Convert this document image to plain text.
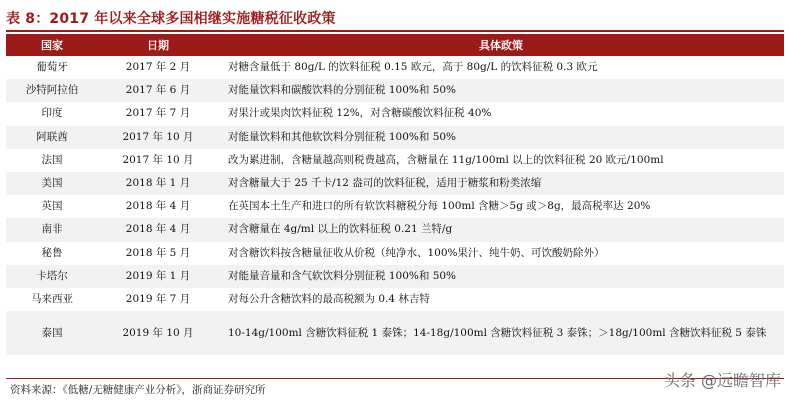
表 8：2017 年以来全球多国相继实施糖税征收政策
国家	日期	具体政策
葡萄牙	2017 年 2 月	对糖含量低于 80g/L 的饮料征税 0.15 欧元，高于 80g/L 的饮料征税 0.3 欧元
沙特阿拉伯	2017 年 6 月	对能量饮料和碳酸饮料的分别征税 100%和 50%
印度	2017 年 7 月	对果汁或果肉饮料征税 12%，对含糖碳酸饮料征税 40%
阿联酋	2017 年 10 月	对能量饮料和其他软饮料分别征税 100%和 50%
法国	2017 年 10 月	改为累进制，含糖量越高则税费越高，含糖量在 11g/100ml 以上的饮料征税 20 欧元/100ml
美国	2018 年 1 月	对含糖量大于 25 千卡/12 盎司的饮料征税，适用于糖浆和粉类浓缩
英国	2018 年 4 月	在英国本土生产和进口的所有软饮料糖税分每 100ml 含糖＞5g 或＞8g，最高税率达 20%
南非	2018 年 4 月	对含糖量在 4g/ml 以上的饮料征税 0.21 兰特/g
秘鲁	2018 年 5 月	对含糖饮料按含糖量征收从价税（纯净水、100%果汁、纯牛奶、可饮酸奶除外）
卡塔尔	2019 年 1 月	对能量音量和含气软饮料分别征税 100%和 50%
马来西亚	2019 年 7 月	对每公升含糖饮料的最高税额为 0.4 林吉特
泰国	2019 年 10 月	10-14g/100ml 含糖饮料征税 1 泰铢；14-18g/100ml 含糖饮料征税 3 泰铢；＞18g/100ml 含糖饮料征税 5 泰铢
资料来源：《低糖/无糖健康产业分析》，浙商证券研究所	头条 @远瞻智库
